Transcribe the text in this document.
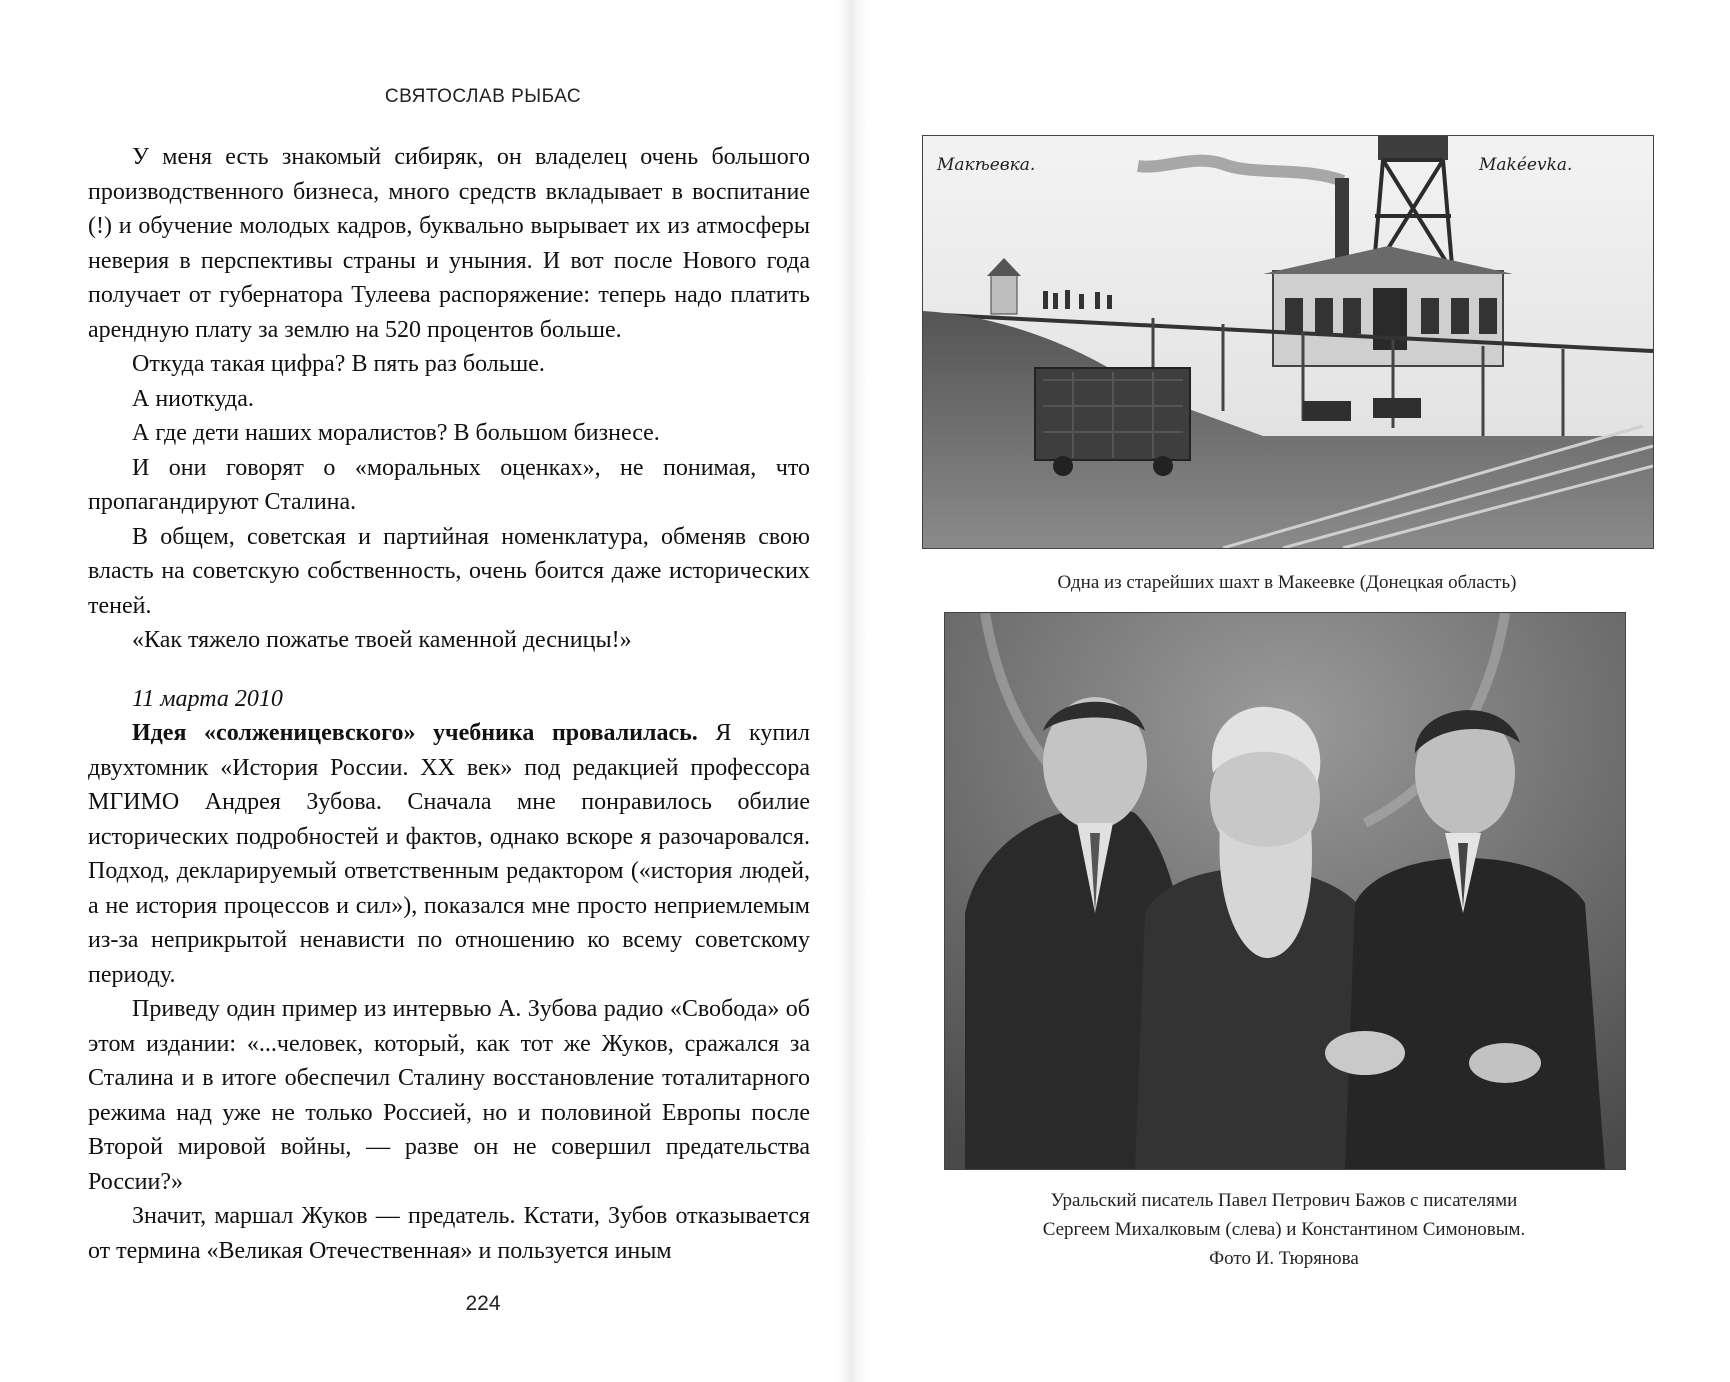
СВЯТОСЛАВ РЫБАС

У меня есть знакомый сибиряк, он владелец очень большого производственного бизнеса, много средств вкладывает в воспитание (!) и обучение молодых кадров, буквально вырывает их из атмосферы неверия в перспективы страны и уныния. И вот после Нового года получает от губернатора Тулеева распоряжение: теперь надо платить арендную плату за землю на 520 процентов больше.

Откуда такая цифра? В пять раз больше.

А ниоткуда.

А где дети наших моралистов? В большом бизнесе.

И они говорят о «моральных оценках», не понимая, что пропагандируют Сталина.

В общем, советская и партийная номенклатура, обменяв свою власть на советскую собственность, очень боится даже исторических теней.

«Как тяжело пожатье твоей каменной десницы!»

11 марта 2010

Идея «солженицевского» учебника провалилась. Я купил двухтомник «История России. XX век» под редакцией профессора МГИМО Андрея Зубова. Сначала мне понравилось обилие исторических подробностей и фактов, однако вскоре я разочаровался. Подход, декларируемый ответственным редактором («история людей, а не история процессов и сил»), показался мне просто неприемлемым из-за неприкрытой ненависти по отношению ко всему советскому периоду.

Приведу один пример из интервью А. Зубова радио «Свобода» об этом издании: «...человек, который, как тот же Жуков, сражался за Сталина и в итоге обеспечил Сталину восстановление тоталитарного режима над уже не только Россией, но и половиной Европы после Второй мировой войны, — разве он не совершил предательства России?»

Значит, маршал Жуков — предатель. Кстати, Зубов отказывается от термина «Великая Отечественная» и пользуется иным

224
Макѣевка.	Makéevka.
Одна из старейших шахт в Макеевке (Донецкая область)
Уральский писатель Павел Петрович Бажов с писателями
Сергеем Михалковым (слева) и Константином Симоновым.
Фото И. Тюрянова
